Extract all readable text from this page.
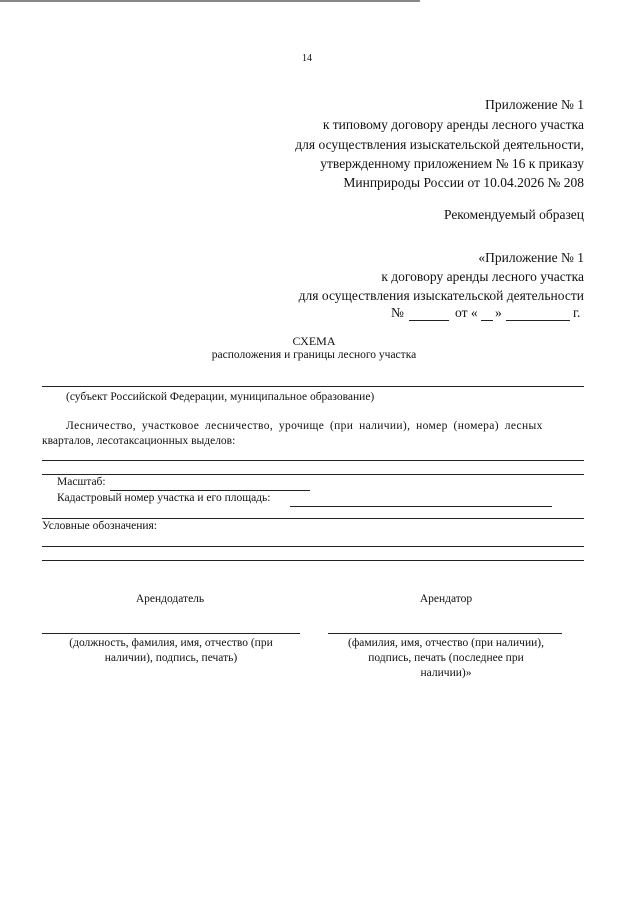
14
Приложение № 1
к типовому договору аренды лесного участка
для осуществления изыскательской деятельности,
утвержденному приложением № 16 к приказу
Минприроды России от 10.04.2026 № 208
Рекомендуемый образец
«Приложение № 1
к договору аренды лесного участка
для осуществления изыскательской деятельности
№	от « »	г.
СХЕМА
расположения и границы лесного участка
(субъект Российской Федерации, муниципальное образование)
Лесничество, участковое лесничество, урочище (при наличии), номер (номера) лесных
кварталов, лесотаксационных выделов:
Масштаб:
Кадастровый номер участка и его площадь:
Условные обозначения:
Арендодатель	Арендатор
(должность, фамилия, имя, отчество (при
наличии), подпись, печать)
(фамилия, имя, отчество (при наличии),
подпись, печать (последнее при
наличии)»
